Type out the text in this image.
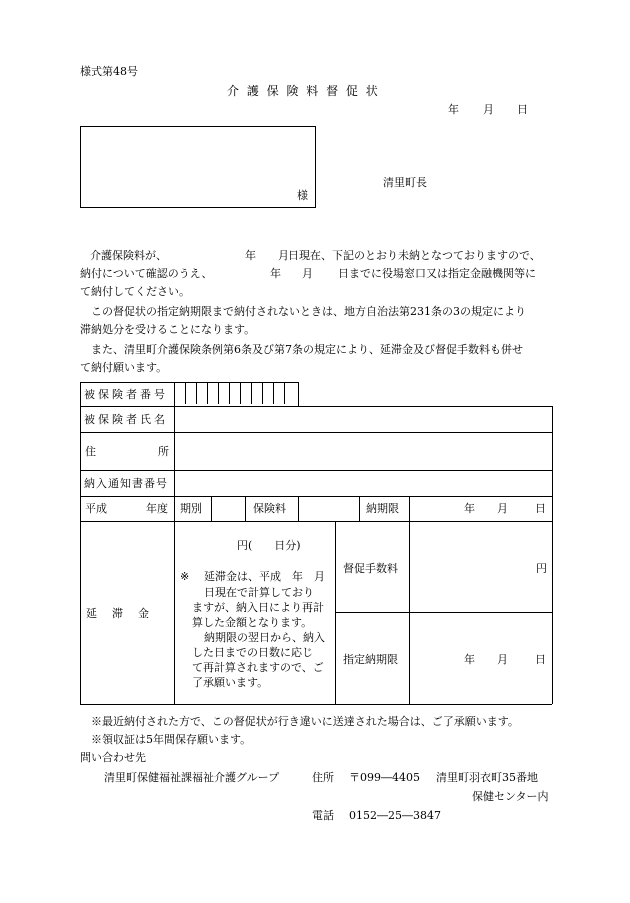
様式第48号
介 護 保 険 料 督 促 状
年 月 日
様
清里町長
介護保険料が、	年 月 日現在、下記のとおり未納となつておりますので、
納付について確認のうえ、	年 月 日までに役場窓口又は指定金融機関等に
て納付してください。
この督促状の指定納期限まで納付されないときは、地方自治法第231条の3の規定により
滞納処分を受けることになります。
また、清里町介護保険条例第6条及び第7条の規定により、延滞金及び督促手数料も併せ
て納付願います。
被保険者番号
被保険者氏名
住	所
納入通知書番号
平成	年度 期別	保険料	納期限	年 月 日
延　滞　金
円(　　日分)
※ 延滞金は、平成　年　月
日現在で計算しており
ますが、納入日により再計
算した金額となります。
納期限の翌日から、納入
した日までの日数に応じ
て再計算されますので、ご
了承願います。
督促手数料	円
指定納期限	年 月 日
※最近納付された方で、この督促状が行き違いに送達された場合は、ご了承願います。
※領収証は5年間保存願います。
問い合わせ先
清里町保健福祉課福祉介護グループ	住所 〒099―4405 清里町羽衣町35番地
保健センター内
電話 0152―25―3847
